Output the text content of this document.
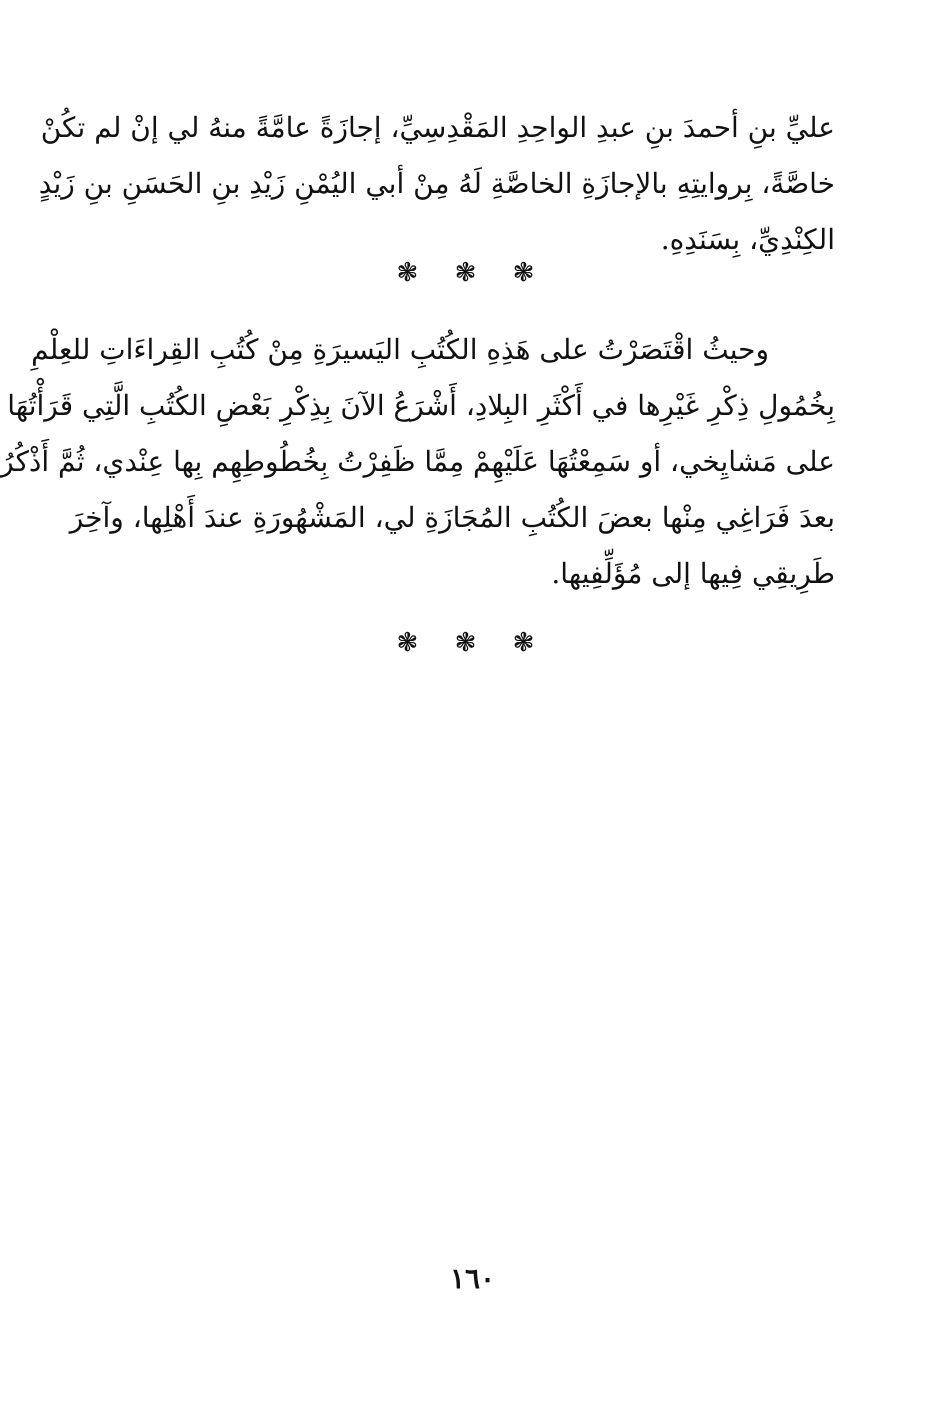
عليِّ بنِ أحمدَ بنِ عبدِ الواحِدِ المَقْدِسِيِّ، إجازَةً عامَّةً منهُ لي إنْ لم تكُنْ
خاصَّةً، بِروايتِهِ بالإجازَةِ الخاصَّةِ لَهُ مِنْ أبي اليُمْنِ زَيْدِ بنِ الحَسَنِ بنِ زَيْدٍ
الكِنْدِيِّ، بِسَنَدِهِ.
❃ ❃ ❃
وحيثُ اقْتَصَرْتُ على هَذِهِ الكُتُبِ اليَسيرَةِ مِنْ كُتُبِ القِراءَاتِ للعِلْمِ
بِخُمُولِ ذِكْرِ غَيْرِها في أَكْثَرِ البِلادِ، أَشْرَعُ الآنَ بِذِكْرِ بَعْضِ الكُتُبِ الَّتِي قَرَأْتُهَا
على مَشايِخي، أو سَمِعْتُهَا عَلَيْهِمْ مِمَّا ظَفِرْتُ بِخُطُوطِهِم بِها عِنْدي، ثُمَّ أَذْكُرُ
بعدَ فَرَاغِي مِنْها بعضَ الكُتُبِ المُجَازَةِ لي، المَشْهُورَةِ عندَ أَهْلِها، وآخِرَ
طَرِيقِي فِيها إلى مُؤَلِّفِيها.
❃ ❃ ❃
١٦٠
